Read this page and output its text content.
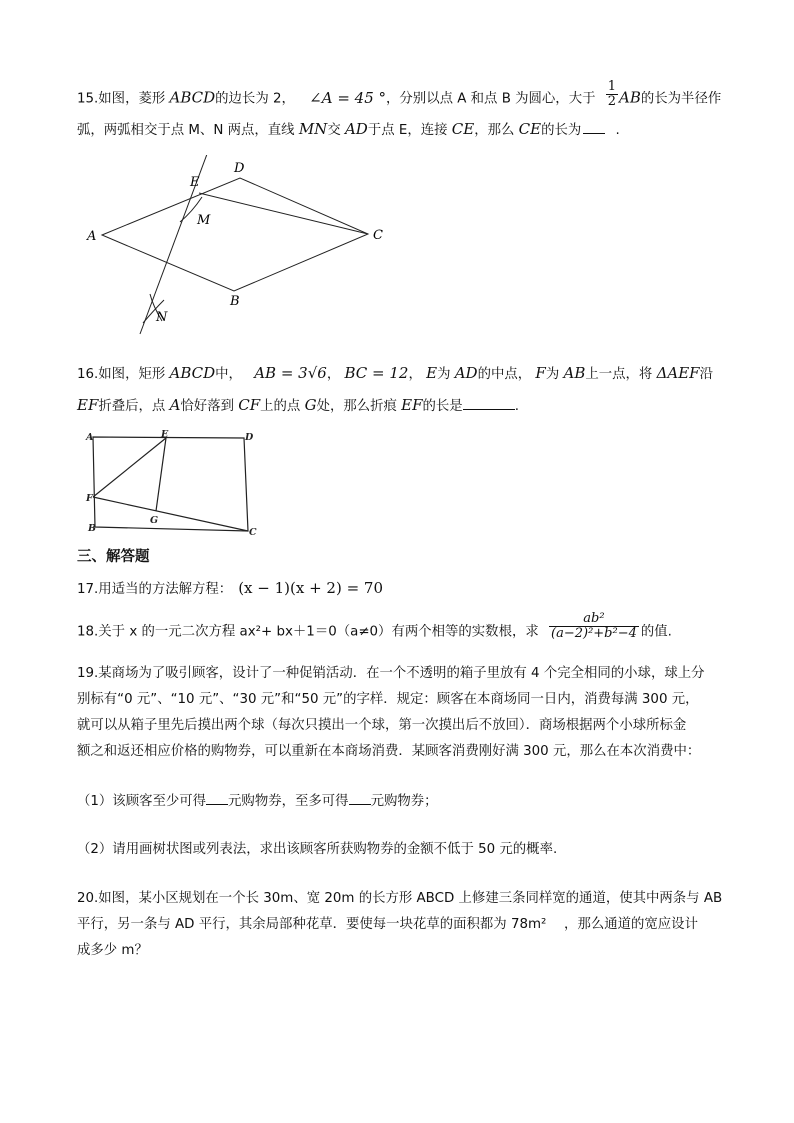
15.如图，菱形 ABCD的边长为 2， ∠A = 45 °，分别以点 A 和点 B 为圆心，大于 $\frac{1}{2}$ AB的长为半径作
弧，两弧相交于点 M、N 两点，直线 MN交 AD于点 E，连接 CE，那么 CE的长为	.
A
B
C
D
E
M
N
16.如图，矩形 ABCD中， AB = 3√6， BC = 12， E为 AD的中点， F为 AB上一点，将 ΔAEF沿
EF折叠后，点 A恰好落到 CF上的点 G处，那么折痕 EF的长是	.
A	E	D
F
G
B	C
三、解答题
17.用适当的方法解方程： (x − 1)(x + 2) = 70
18.关于 x 的一元二次方程 ax²+ bx＋1＝0（a≠0）有两个相等的实数根，求 $\frac{\text{ab²}}{\text{(a−2)²+b²−4}}$ 的值.
19.某商场为了吸引顾客，设计了一种促销活动．在一个不透明的箱子里放有 4 个完全相同的小球，球上分
别标有“0 元”、“10 元”、“30 元”和“50 元”的字样．规定：顾客在本商场同一日内，消费每满 300 元，
就可以从箱子里先后摸出两个球（每次只摸出一个球，第一次摸出后不放回）．商场根据两个小球所标金
额之和返还相应价格的购物券，可以重新在本商场消费．某顾客消费刚好满 300 元，那么在本次消费中：
（1）该顾客至少可得 元购物券，至多可得 元购物券；
（2）请用画树状图或列表法，求出该顾客所获购物券的金额不低于 50 元的概率.
20.如图，某小区规划在一个长 30m、宽 20m 的长方形 ABCD 上修建三条同样宽的通道，使其中两条与 AB
平行，另一条与 AD 平行，其余局部种花草．要使每一块花草的面积都为 78m²　 ，那么通道的宽应设计
成多少 m？
